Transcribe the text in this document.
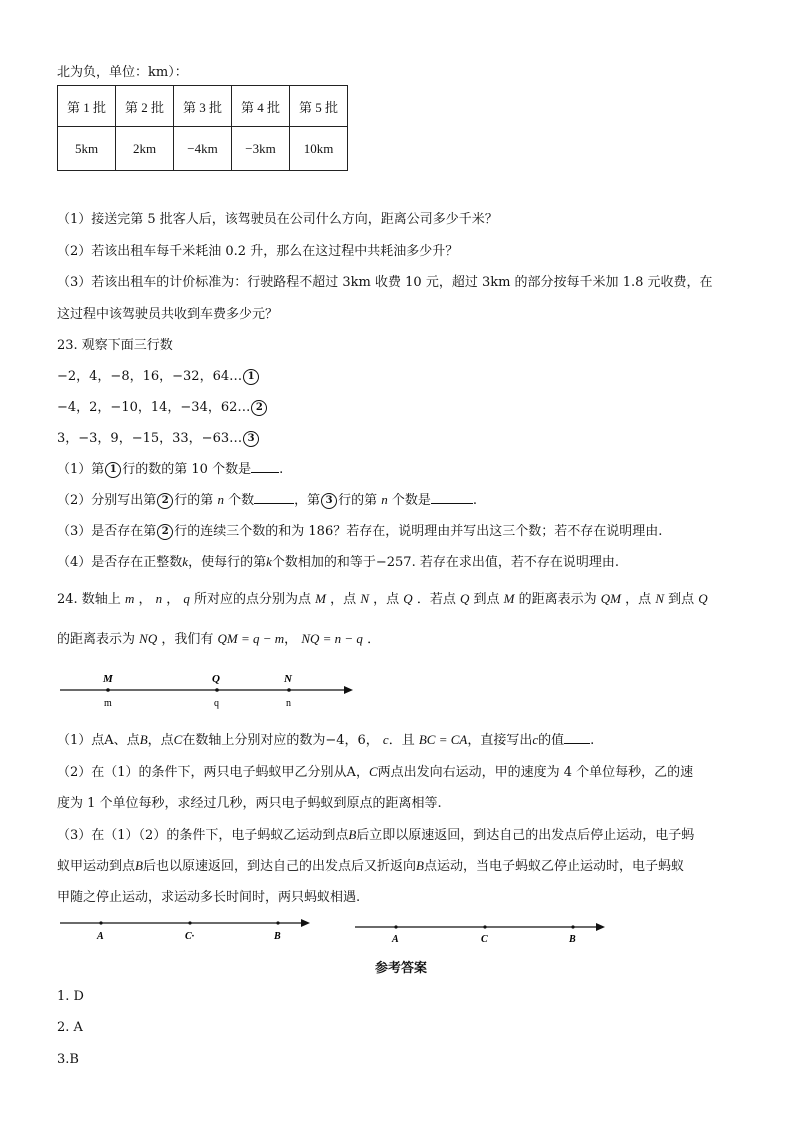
北为负，单位：km）：
第 1 批	第 2 批	第 3 批	第 4 批	第 5 批
5km	2km	−4km	−3km	10km
（1）接送完第 5 批客人后，该驾驶员在公司什么方向，距离公司多少千米？
（2）若该出租车每千米耗油 0.2 升，那么在这过程中共耗油多少升？
（3）若该出租车的计价标准为：行驶路程不超过 3km 收费 10 元，超过 3km 的部分按每千米加 1.8 元收费，在
这过程中该驾驶员共收到车费多少元？
23. 观察下面三行数
−2，4，−8，16，−32，64… 1
−4，2，−10，14，−34，62… 2
3，−3，9，−15，33，−63… 3
（1）第 1 行的数的第 10 个数是 .
（2）分别写出第 2 行的第 n 个数	，第 3 行的第 n 个数是	.
（3）是否存在第 2 行的连续三个数的和为 186？若存在，说明理由并写出这三个数；若不存在说明理由.
（4）是否存在正整数k，使每行的第k个数相加的和等于−257. 若存在求出值，若不存在说明理由.
24. 数轴上 m ， n ， q 所对应的点分别为点 M ，点 N ，点 Q ．若点 Q 到点 M 的距离表示为 QM ，点 N 到点 Q
的距离表示为 NQ ，我们有 QM = q − m， NQ = n − q ．
M	Q	N
m	q	n
（1）点A、点B，点C在数轴上分别对应的数为−4，6， c．且 BC = CA，直接写出c的值 .
（2）在（1）的条件下，两只电子蚂蚁甲乙分别从A，C两点出发向右运动，甲的速度为 4 个单位每秒，乙的速
度为 1 个单位每秒，求经过几秒，两只电子蚂蚁到原点的距离相等.
（3）在（1）（2）的条件下，电子蚂蚁乙运动到点B后立即以原速返回，到达自己的出发点后停止运动，电子蚂
蚁甲运动到点B后也以原速返回，到达自己的出发点后又折返向B点运动，当电子蚂蚁乙停止运动时，电子蚂蚁
甲随之停止运动，求运动多长时间时，两只蚂蚁相遇.
A	C·	B	A	C	B
参考答案
1. D
2. A
3.B
